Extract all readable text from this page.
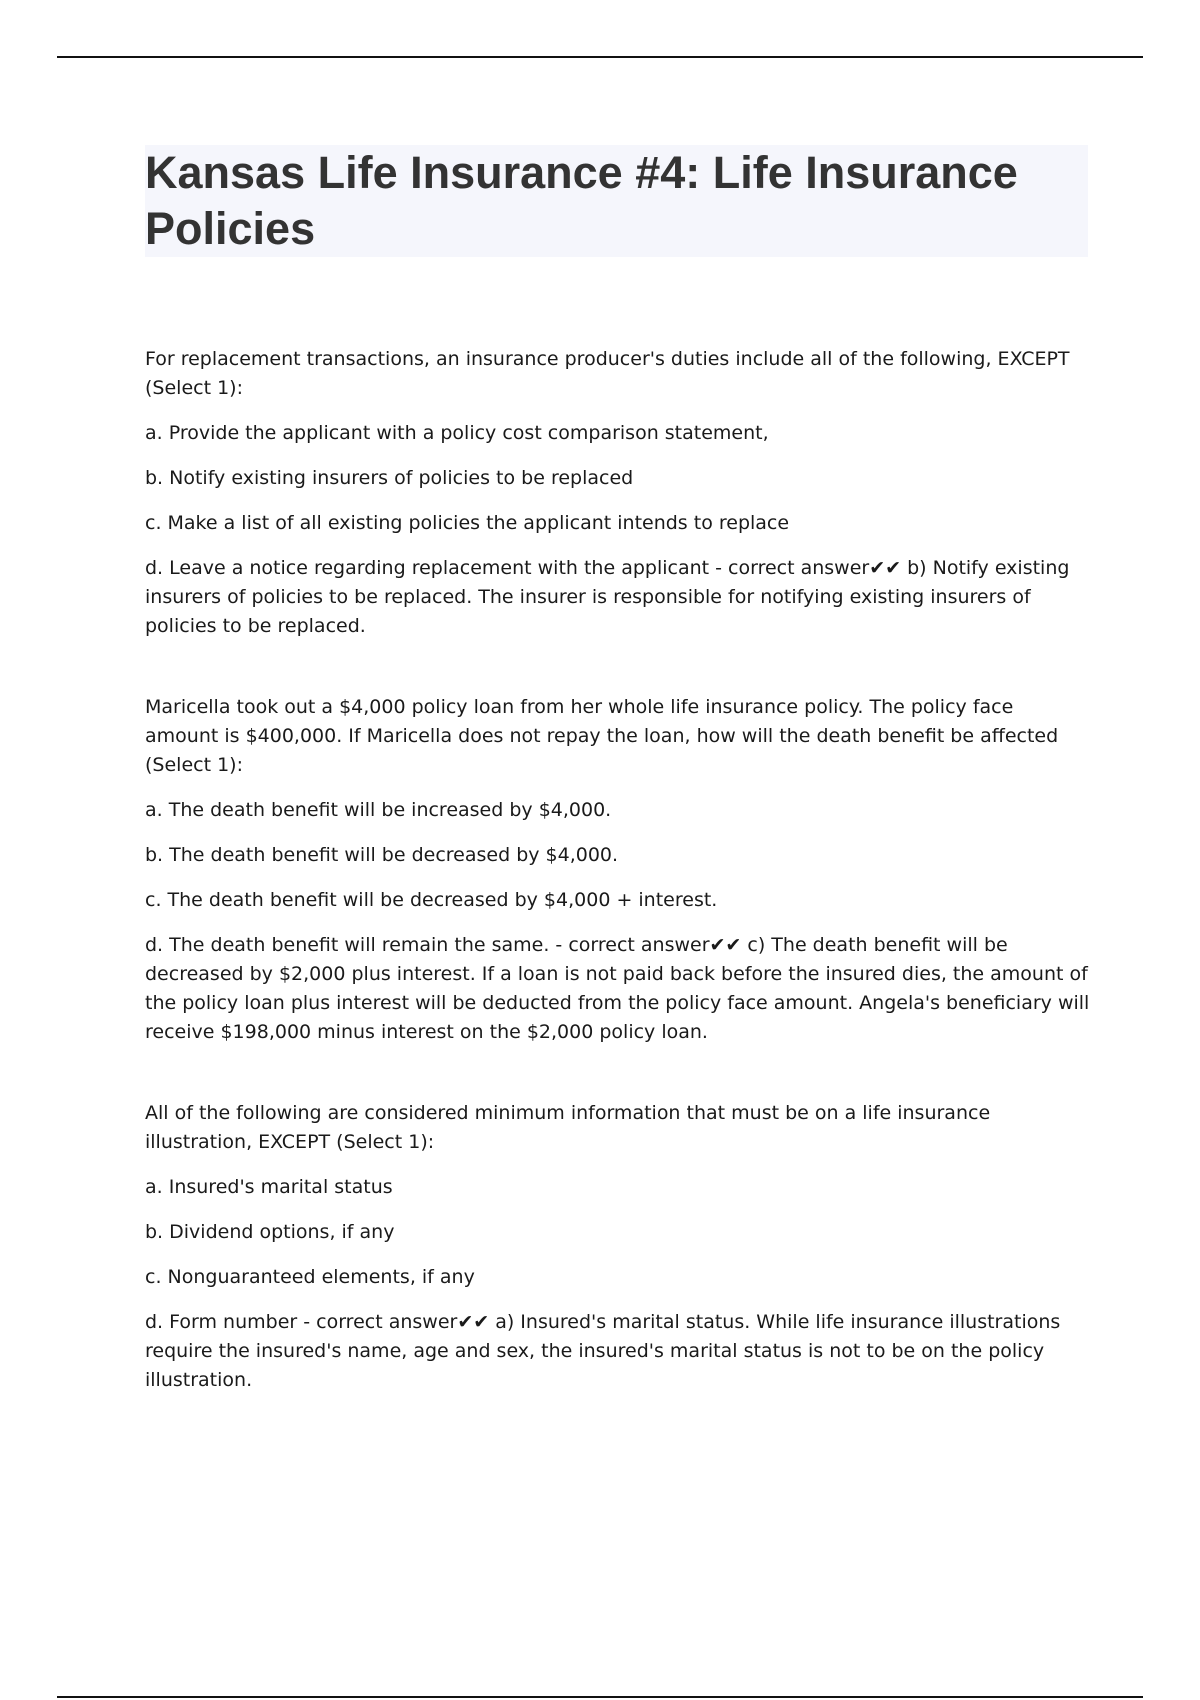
Kansas Life Insurance #4: Life Insurance Policies

For replacement transactions, an insurance producer's duties include all of the following, EXCEPT (Select 1):

a. Provide the applicant with a policy cost comparison statement,

b. Notify existing insurers of policies to be replaced

c. Make a list of all existing policies the applicant intends to replace

d. Leave a notice regarding replacement with the applicant - correct answer✔✔ b) Notify existing insurers of policies to be replaced. The insurer is responsible for notifying existing insurers of policies to be replaced.

Maricella took out a $4,000 policy loan from her whole life insurance policy. The policy face amount is $400,000. If Maricella does not repay the loan, how will the death benefit be affected (Select 1):

a. The death benefit will be increased by $4,000.

b. The death benefit will be decreased by $4,000.

c. The death benefit will be decreased by $4,000 + interest.

d. The death benefit will remain the same. - correct answer✔✔ c) The death benefit will be decreased by $2,000 plus interest. If a loan is not paid back before the insured dies, the amount of the policy loan plus interest will be deducted from the policy face amount. Angela's beneficiary will receive $198,000 minus interest on the $2,000 policy loan.

All of the following are considered minimum information that must be on a life insurance illustration, EXCEPT (Select 1):

a. Insured's marital status

b. Dividend options, if any

c. Nonguaranteed elements, if any

d. Form number - correct answer✔✔ a) Insured's marital status. While life insurance illustrations require the insured's name, age and sex, the insured's marital status is not to be on the policy illustration.
